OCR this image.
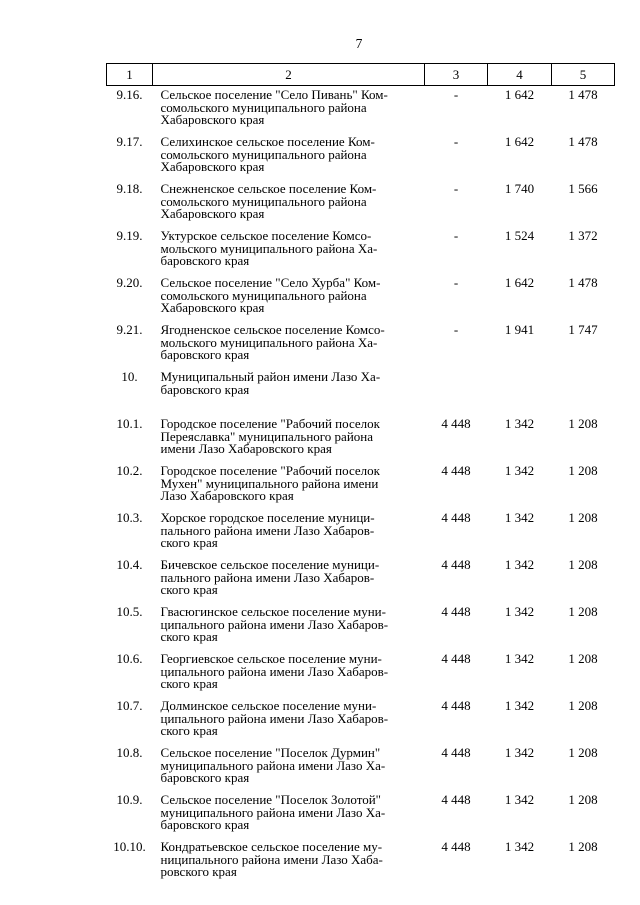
7
1	2	3	4	5
9.16.	Сельское поселение "Село Пивань" Ком-
сомольского муниципального района
Хабаровского края	-	1 642	1 478
9.17.	Селихинское сельское поселение Ком-
сомольского муниципального района
Хабаровского края	-	1 642	1 478
9.18.	Снежненское сельское поселение Ком-
сомольского муниципального района
Хабаровского края	-	1 740	1 566
9.19.	Уктурское сельское поселение Комсо-
мольского муниципального района Ха-
баровского края	-	1 524	1 372
9.20.	Сельское поселение "Село Хурба" Ком-
сомольского муниципального района
Хабаровского края	-	1 642	1 478
9.21.	Ягодненское сельское поселение Комсо-
мольского муниципального района Ха-
баровского края	-	1 941	1 747
10.	Муниципальный район имени Лазо Ха-
баровского края			
10.1.	Городское поселение "Рабочий поселок
Переяславка" муниципального района
имени Лазо Хабаровского края	4 448	1 342	1 208
10.2.	Городское поселение "Рабочий поселок
Мухен" муниципального района имени
Лазо Хабаровского края	4 448	1 342	1 208
10.3.	Хорское городское поселение муници-
пального района имени Лазо Хабаров-
ского края	4 448	1 342	1 208
10.4.	Бичевское сельское поселение муници-
пального района имени Лазо Хабаров-
ского края	4 448	1 342	1 208
10.5.	Гвасюгинское сельское поселение муни-
ципального района имени Лазо Хабаров-
ского края	4 448	1 342	1 208
10.6.	Георгиевское сельское поселение муни-
ципального района имени Лазо Хабаров-
ского края	4 448	1 342	1 208
10.7.	Долминское сельское поселение муни-
ципального района имени Лазо Хабаров-
ского края	4 448	1 342	1 208
10.8.	Сельское поселение "Поселок Дурмин"
муниципального района имени Лазо Ха-
баровского края	4 448	1 342	1 208
10.9.	Сельское поселение "Поселок Золотой"
муниципального района имени Лазо Ха-
баровского края	4 448	1 342	1 208
10.10.	Кондратьевское сельское поселение му-
ниципального района имени Лазо Хаба-
ровского края	4 448	1 342	1 208
